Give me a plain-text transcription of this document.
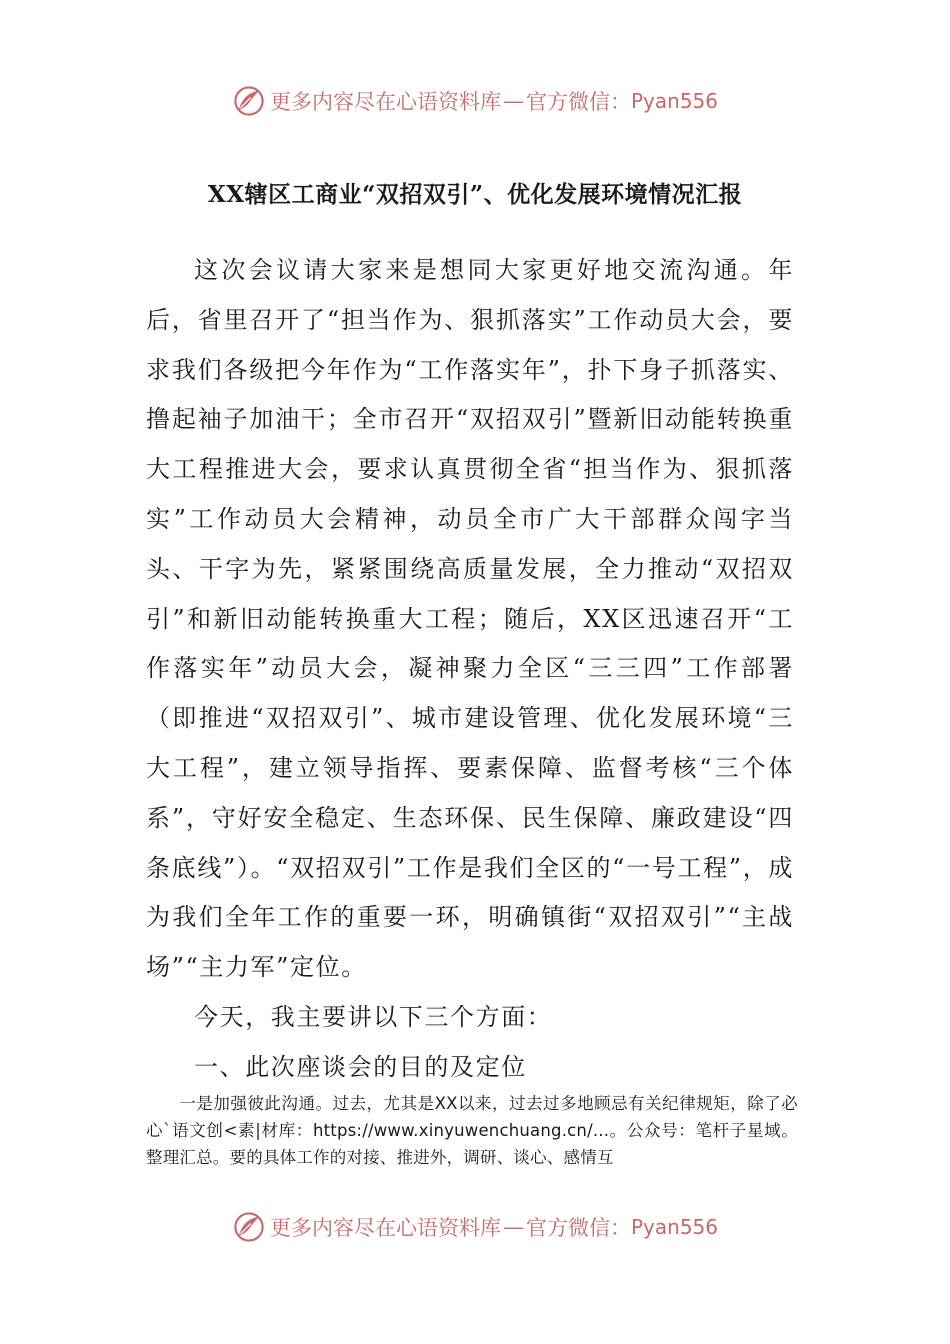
更多内容尽在心语资料库 — 官方微信： Pyan556
XX辖区工商业“双招双引”、优化发展环境情况汇报

这次会议请大家来是想同大家更好地交流沟通。年后，省里召开了“担当作为、狠抓落实”工作动员大会，要求我们各级把今年作为“工作落实年”，扑下身子抓落实、撸起袖子加油干；全市召开“双招双引”暨新旧动能转换重大工程推进大会，要求认真贯彻全省“担当作为、狠抓落实”工作动员大会精神，动员全市广大干部群众闯字当头、干字为先，紧紧围绕高质量发展，全力推动“双招双引”和新旧动能转换重大工程；随后，XX区迅速召开“工作落实年”动员大会，凝神聚力全区“三三四”工作部署（即推进“双招双引”、城市建设管理、优化发展环境“三大工程”，建立领导指挥、要素保障、监督考核“三个体系”，守好安全稳定、生态环保、民生保障、廉政建设“四条底线”）。“双招双引”工作是我们全区的“一号工程”，成为我们全年工作的重要一环，明确镇街“双招双引”“主战场”“主力军”定位。

今天，我主要讲以下三个方面：

一、此次座谈会的目的及定位

一是加强彼此沟通。过去，尤其是XX以来，过去过多地顾忌有关纪律规矩，除了必心`语文创<素|材库：https://www.xinyuwenchuang.cn/...。公众号：笔杆子星域。整理汇总。要的具体工作的对接、推进外，调研、谈心、感情互
更多内容尽在心语资料库 — 官方微信： Pyan556
